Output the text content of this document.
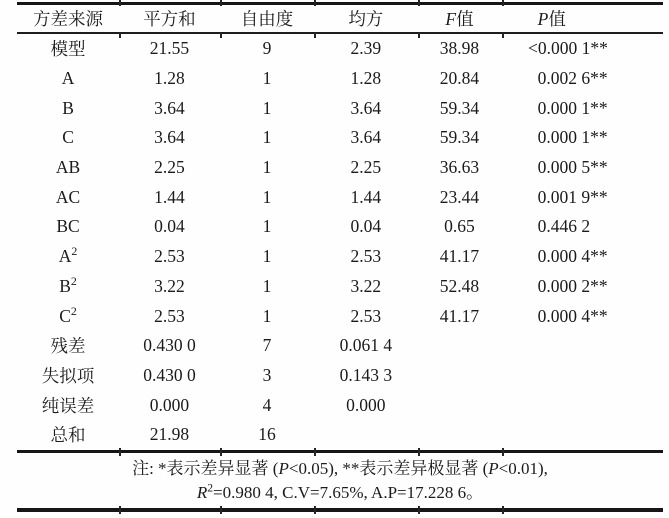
方差来源	平方和	自由度	均方	F值	P值
模型	21.55	9	2.39	38.98	<0.000 1**
A	1.28	1	1.28	20.84	0.002 6**
B	3.64	1	3.64	59.34	0.000 1**
C	3.64	1	3.64	59.34	0.000 1**
AB	2.25	1	2.25	36.63	0.000 5**
AC	1.44	1	1.44	23.44	0.001 9**
BC	0.04	1	0.04	0.65	0.446 2
$A^2$	2.53	1	2.53	41.17	0.000 4**
$B^2$	3.22	1	3.22	52.48	0.000 2**
$C^2$	2.53	1	2.53	41.17	0.000 4**
残差	0.430 0	7	0.061 4
失拟项	0.430 0	3	0.143 3
纯误差	0.000	4	0.000
总和	21.98	16
注: *表示差异显著 (P<0.05), **表示差异极显著 (P<0.01),
$R^2=0.980$ 4, C.V=7.65%, A.P=17.228 6。
